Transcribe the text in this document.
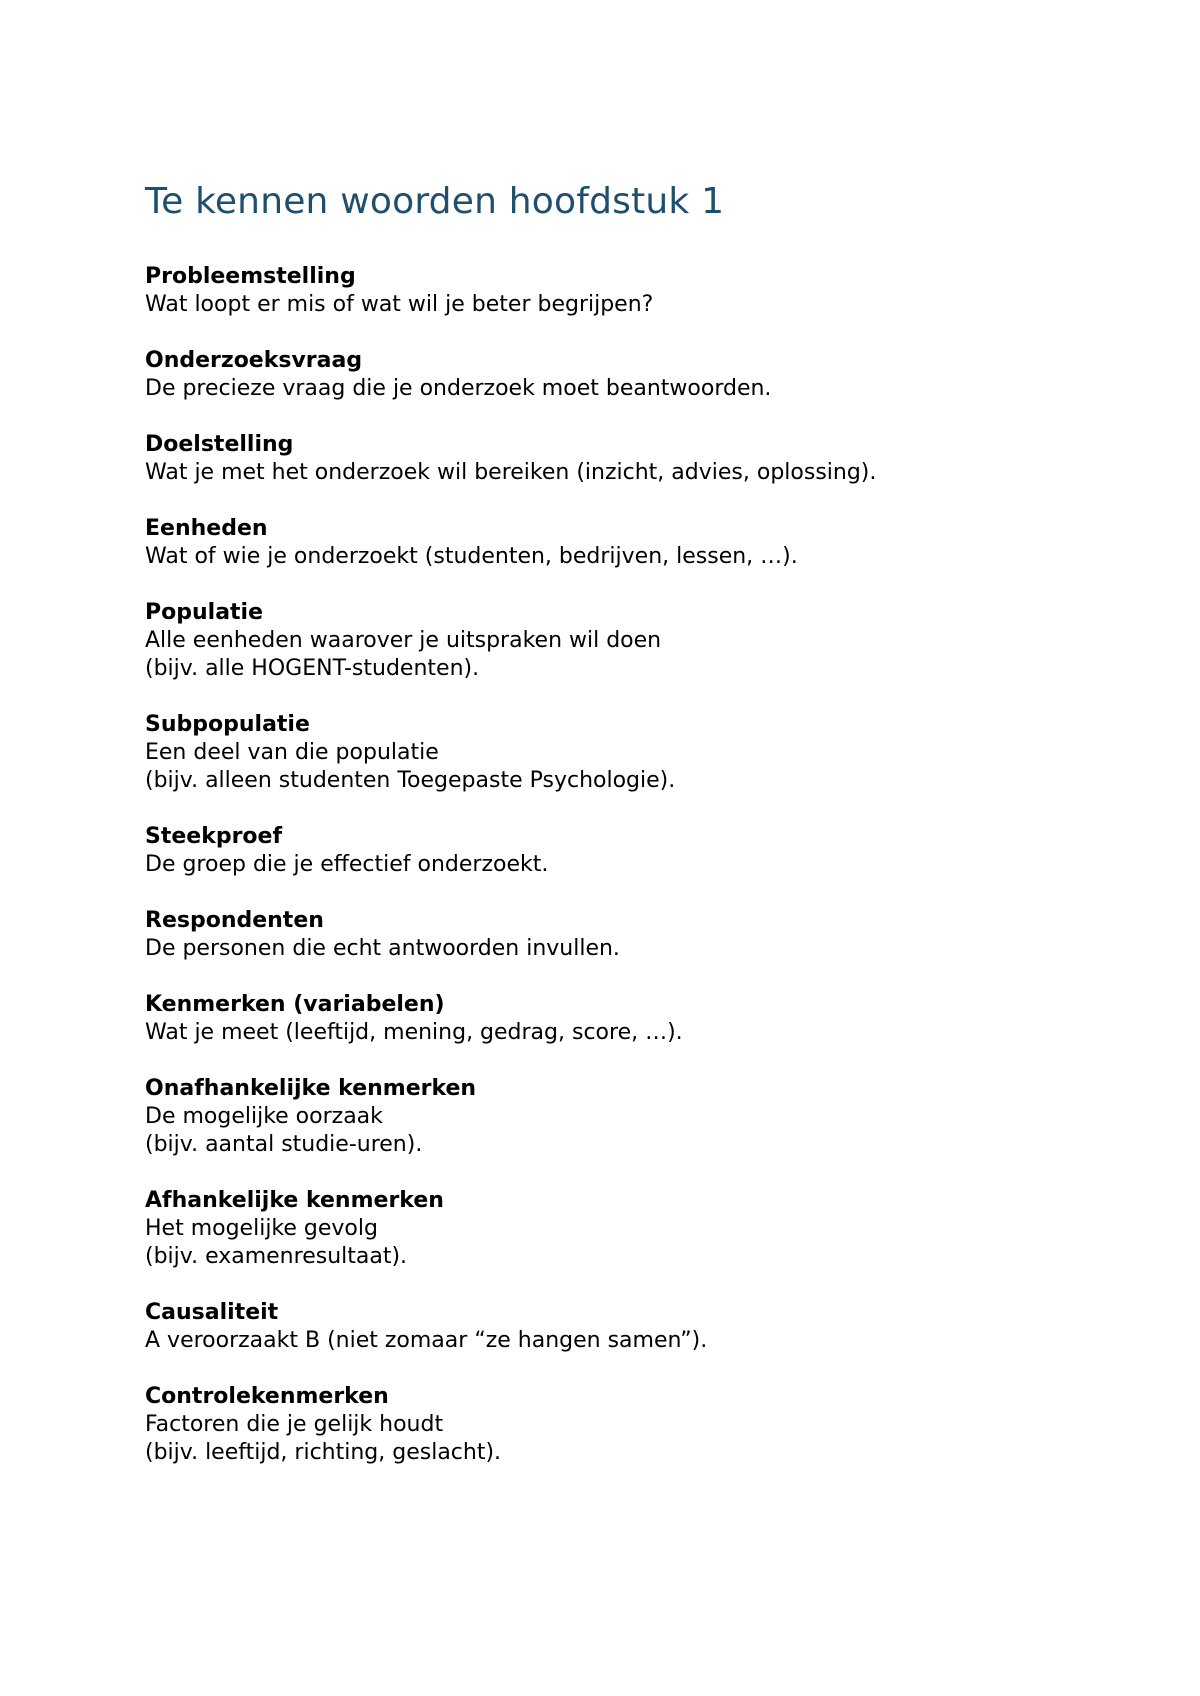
Te kennen woorden hoofdstuk 1
Probleemstelling
Wat loopt er mis of wat wil je beter begrijpen?
Onderzoeksvraag
De precieze vraag die je onderzoek moet beantwoorden.
Doelstelling
Wat je met het onderzoek wil bereiken (inzicht, advies, oplossing).
Eenheden
Wat of wie je onderzoekt (studenten, bedrijven, lessen, …).
Populatie
Alle eenheden waarover je uitspraken wil doen
(bijv. alle HOGENT-studenten).
Subpopulatie
Een deel van die populatie
(bijv. alleen studenten Toegepaste Psychologie).
Steekproef
De groep die je effectief onderzoekt.
Respondenten
De personen die echt antwoorden invullen.
Kenmerken (variabelen)
Wat je meet (leeftijd, mening, gedrag, score, …).
Onafhankelijke kenmerken
De mogelijke oorzaak
(bijv. aantal studie-uren).
Afhankelijke kenmerken
Het mogelijke gevolg
(bijv. examenresultaat).
Causaliteit
A veroorzaakt B (niet zomaar “ze hangen samen”).
Controlekenmerken
Factoren die je gelijk houdt
(bijv. leeftijd, richting, geslacht).
